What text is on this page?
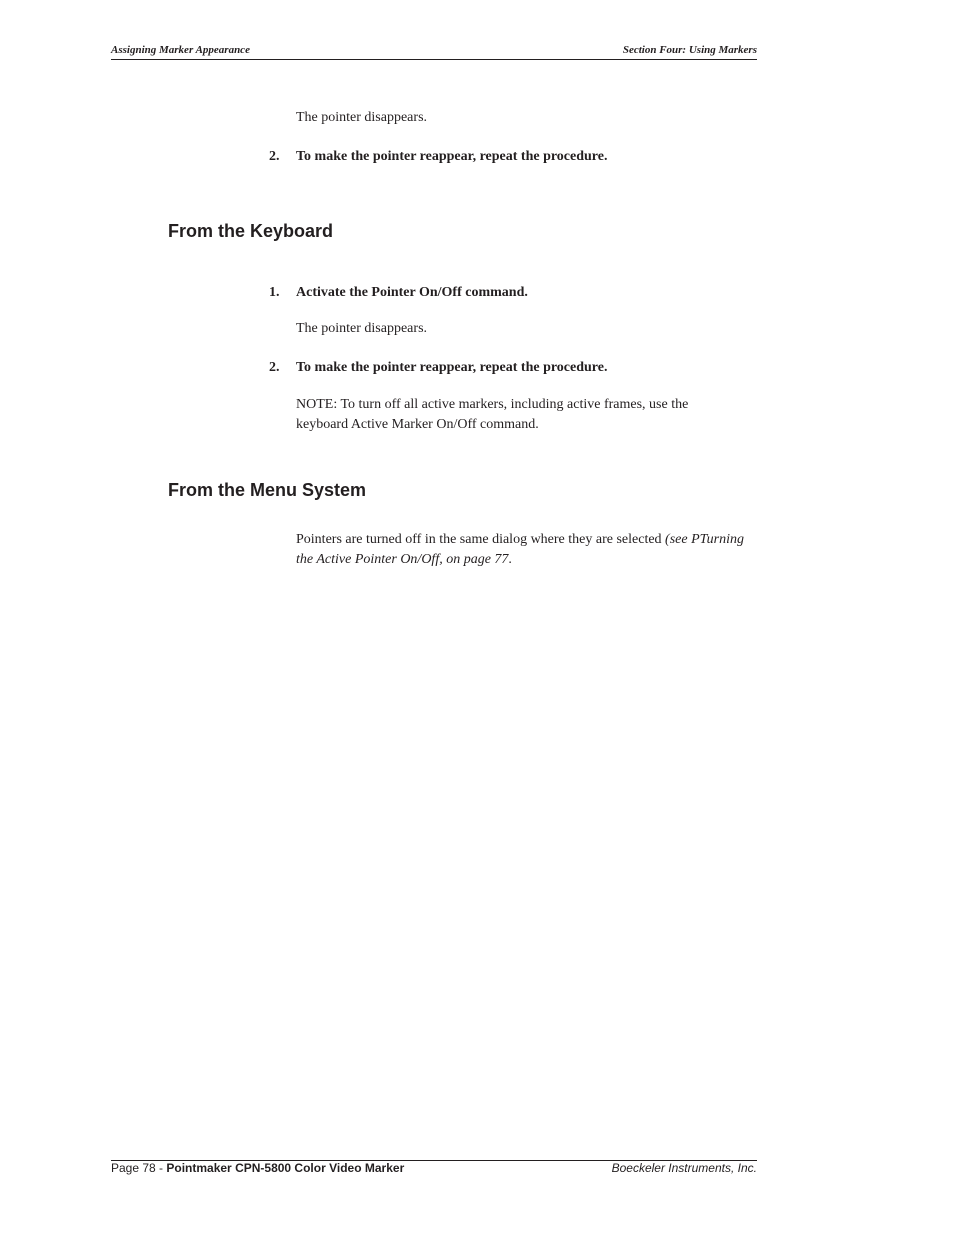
Assigning Marker Appearance	Section Four: Using Markers
The pointer disappears.
2. To make the pointer reappear, repeat the procedure.
From the Keyboard
1. Activate the Pointer On/Off command.
The pointer disappears.
2. To make the pointer reappear, repeat the procedure.
NOTE: To turn off all active markers, including active frames, use the keyboard Active Marker On/Off command.
From the Menu System
Pointers are turned off in the same dialog where they are selected (see PTurning the Active Pointer On/Off, on page 77.
Page 78 - Pointmaker CPN-5800 Color Video Marker	Boeckeler Instruments, Inc.
